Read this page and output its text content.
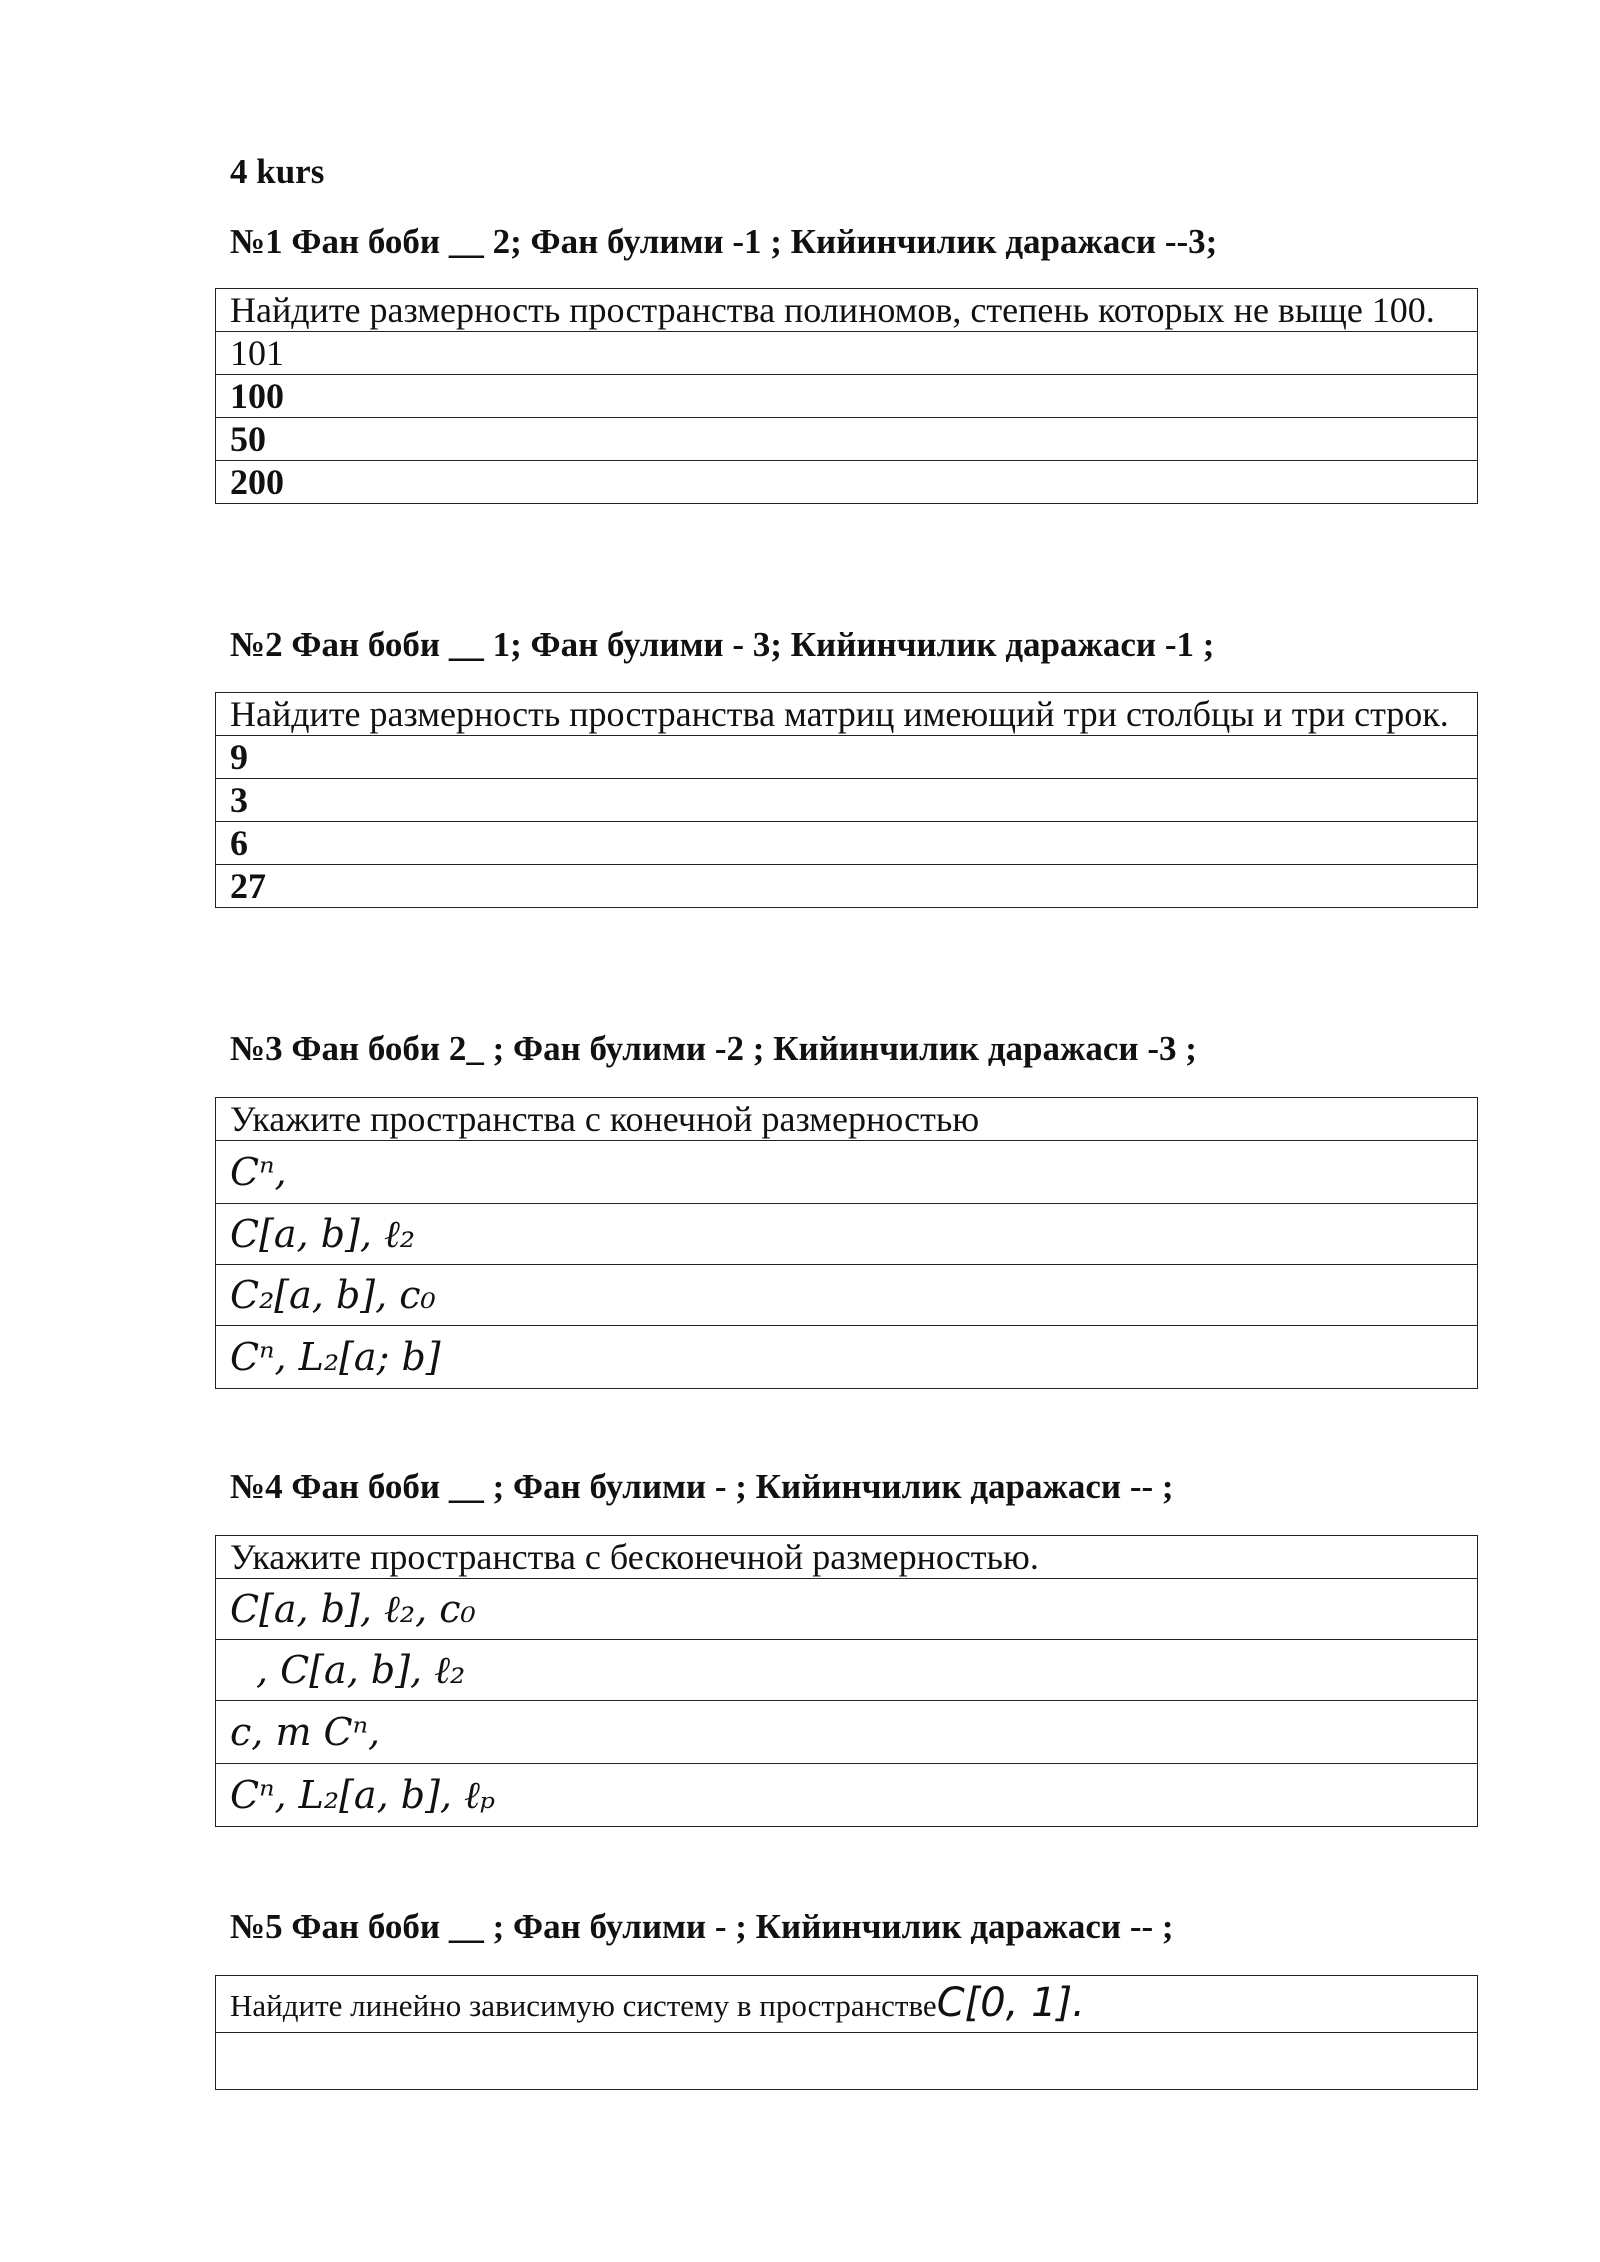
4 kurs
№1 Фан боби __ 2; Фан булими -1 ; Кийинчилик даражаси --3;
Найдите размерность пространства полиномов, степень которых не выще 100.
101
100
50
200
№2 Фан боби __ 1; Фан булими - 3; Кийинчилик даражаси -1 ;
Найдите размерность пространства матриц имеющий три столбцы и три строк.
9
3
6
27
№3 Фан боби 2_ ; Фан булими -2 ; Кийинчилик даражаси -3 ;
Укажите пространства с конечной размерностью
Cⁿ,
C[a, b], ℓ₂
C₂[a, b], c₀
Cⁿ, L₂[a; b]
№4 Фан боби __ ; Фан булими - ; Кийинчилик даражаси -- ;
Укажите пространства с бесконечной размерностью.
C[a, b], ℓ₂, c₀
, C[a, b], ℓ₂
c, m Cⁿ,
Cⁿ, L₂[a, b], ℓₚ
№5 Фан боби __ ; Фан булими - ; Кийинчилик даражаси -- ;
Найдите линейно зависимую систему в пространствеC[0, 1].
